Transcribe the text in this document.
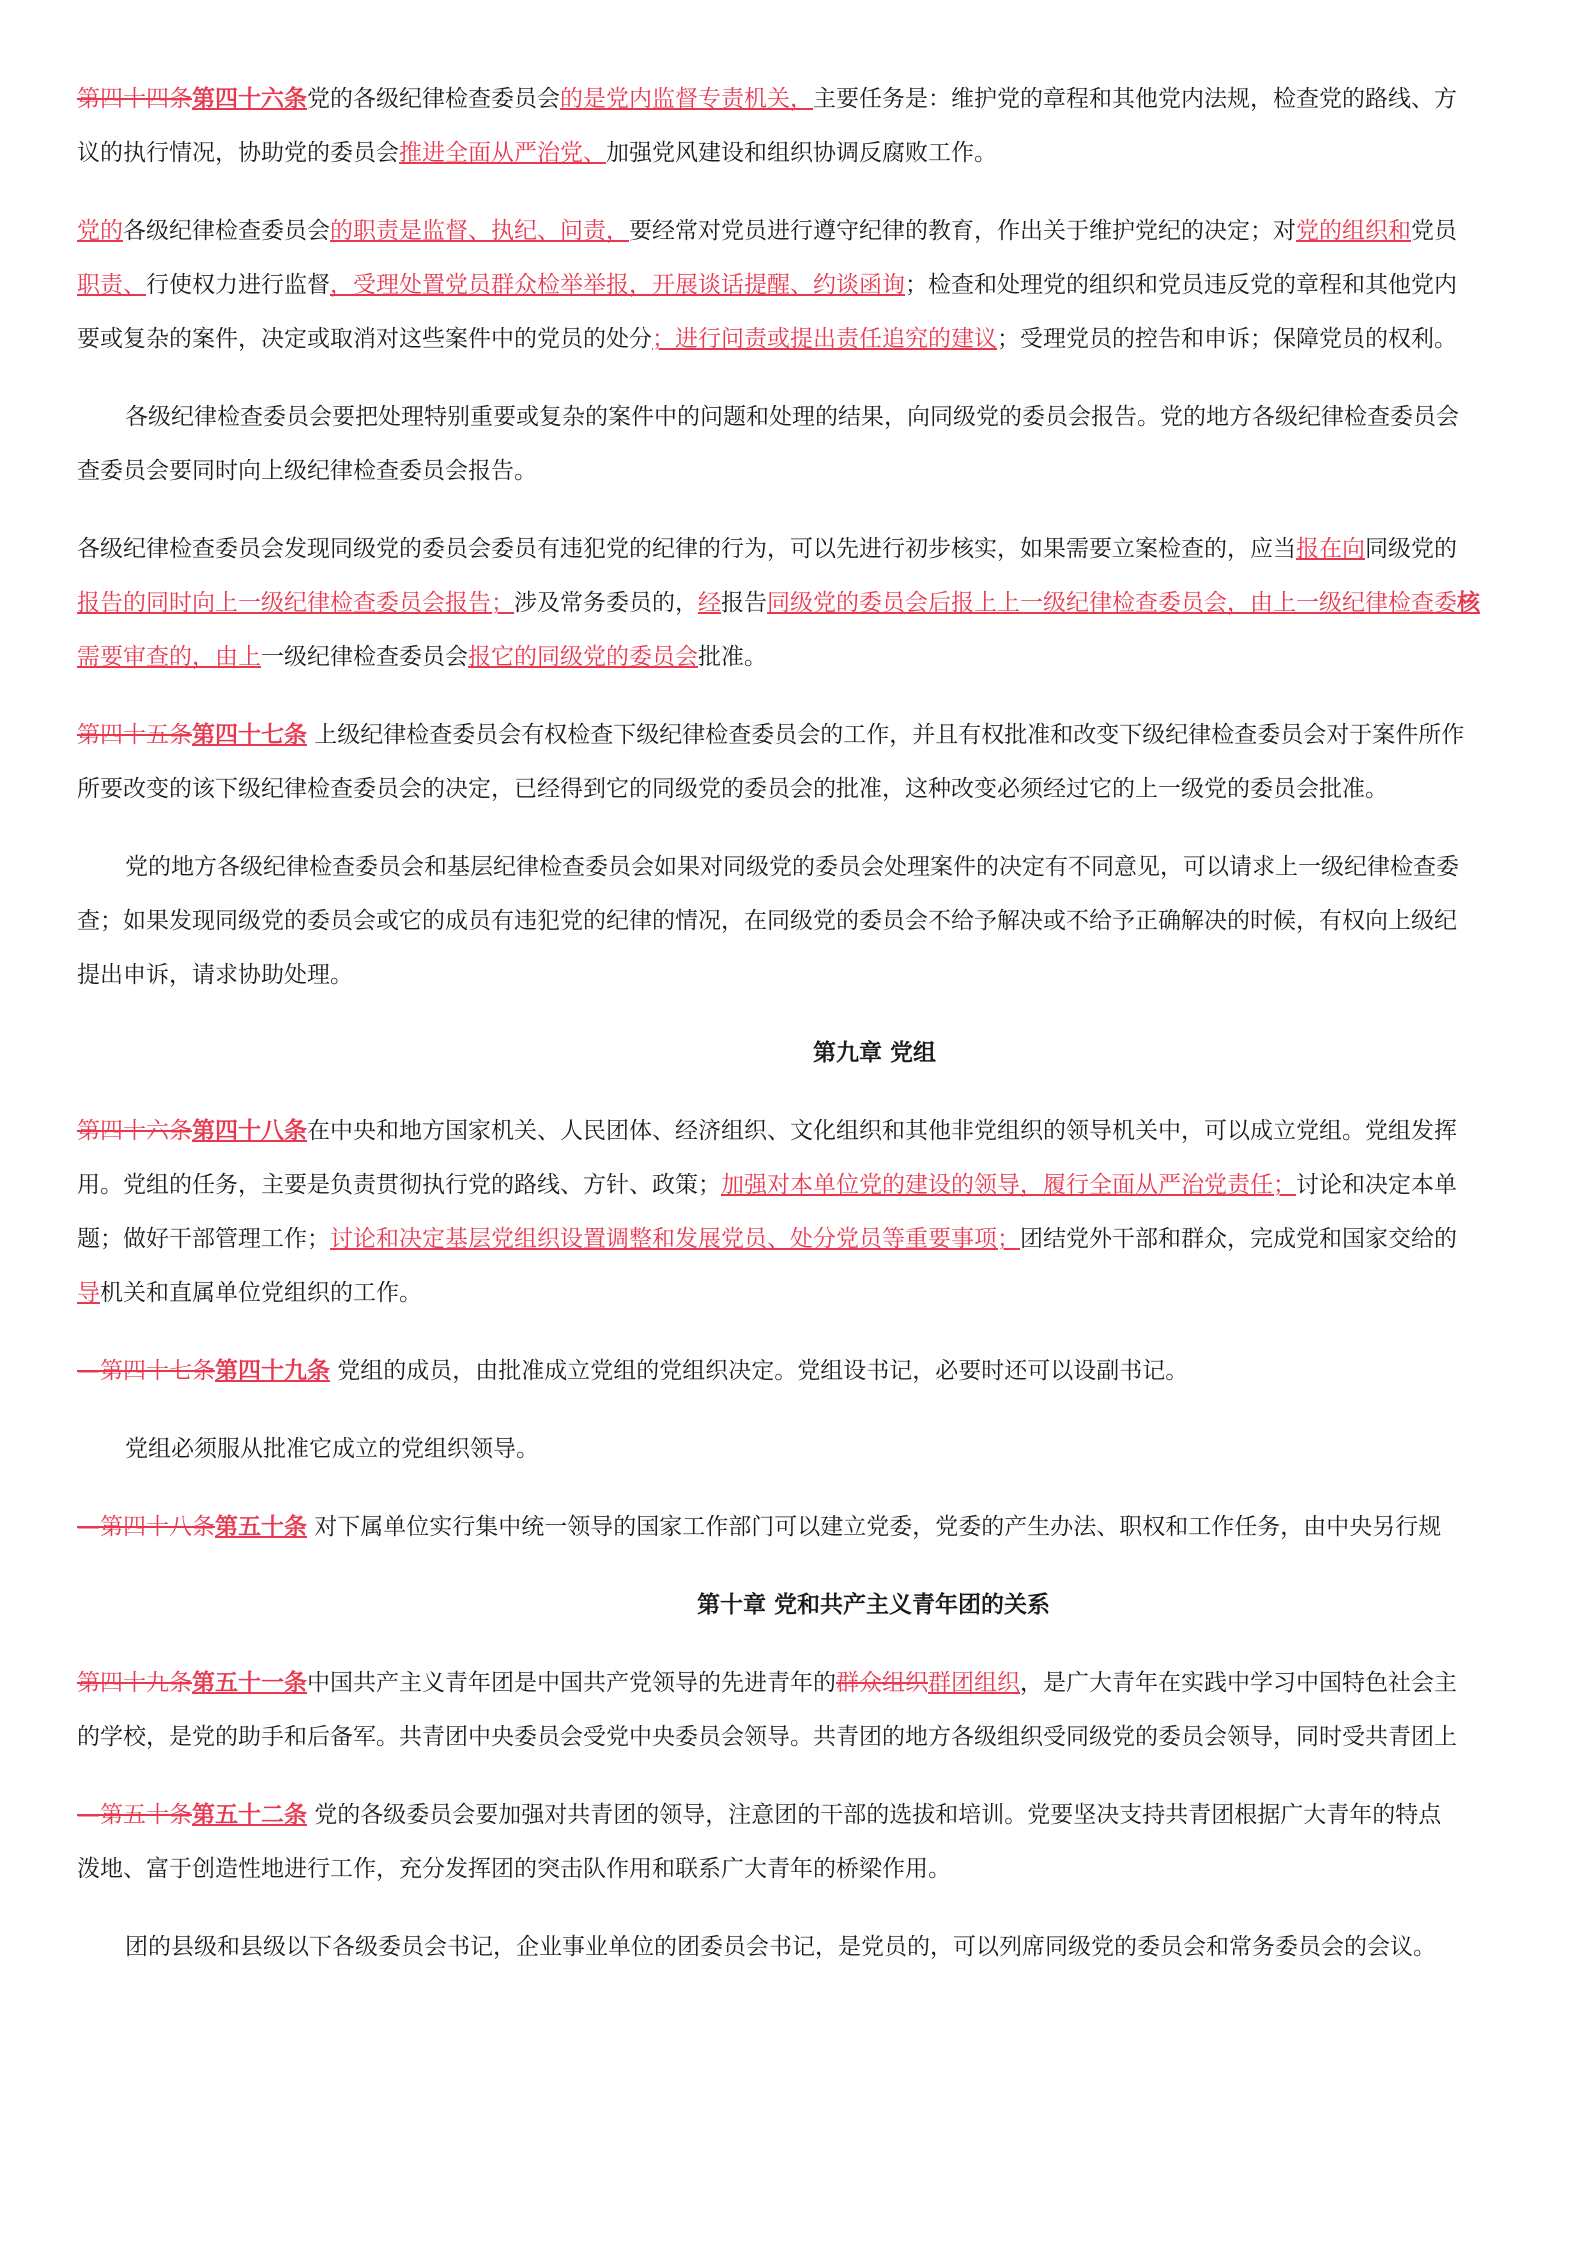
第四十四条第四十六条党的各级纪律检查委员会的是党内监督专责机关，主要任务是：维护党的章程和其他党内法规，检查党的路线、方
议的执行情况，协助党的委员会推进全面从严治党、加强党风建设和组织协调反腐败工作。
党的各级纪律检查委员会的职责是监督、执纪、问责，要经常对党员进行遵守纪律的教育，作出关于维护党纪的决定；对党的组织和党员
职责、行使权力进行监督，受理处置党员群众检举举报，开展谈话提醒、约谈函询；检查和处理党的组织和党员违反党的章程和其他党内
要或复杂的案件，决定或取消对这些案件中的党员的处分；进行问责或提出责任追究的建议；受理党员的控告和申诉；保障党员的权利。
各级纪律检查委员会要把处理特别重要或复杂的案件中的问题和处理的结果，向同级党的委员会报告。党的地方各级纪律检查委员会
查委员会要同时向上级纪律检查委员会报告。
各级纪律检查委员会发现同级党的委员会委员有违犯党的纪律的行为，可以先进行初步核实，如果需要立案检查的，应当报在向同级党的
报告的同时向上一级纪律检查委员会报告；涉及常务委员的，经报告同级党的委员会后报上上一级纪律检查委员会，由上一级纪律检查委核
需要审查的，由上一级纪律检查委员会报它的同级党的委员会批准。
第四十五条第四十七条 上级纪律检查委员会有权检查下级纪律检查委员会的工作，并且有权批准和改变下级纪律检查委员会对于案件所作
所要改变的该下级纪律检查委员会的决定，已经得到它的同级党的委员会的批准，这种改变必须经过它的上一级党的委员会批准。
党的地方各级纪律检查委员会和基层纪律检查委员会如果对同级党的委员会处理案件的决定有不同意见，可以请求上一级纪律检查委
查；如果发现同级党的委员会或它的成员有违犯党的纪律的情况，在同级党的委员会不给予解决或不给予正确解决的时候，有权向上级纪
提出申诉，请求协助处理。
第九章 党组
第四十六条第四十八条在中央和地方国家机关、人民团体、经济组织、文化组织和其他非党组织的领导机关中，可以成立党组。党组发挥
用。党组的任务，主要是负责贯彻执行党的路线、方针、政策；加强对本单位党的建设的领导，履行全面从严治党责任；讨论和决定本单
题；做好干部管理工作；讨论和决定基层党组织设置调整和发展党员、处分党员等重要事项；团结党外干部和群众，完成党和国家交给的
导机关和直属单位党组织的工作。
—第四十七条第四十九条 党组的成员，由批准成立党组的党组织决定。党组设书记，必要时还可以设副书记。
党组必须服从批准它成立的党组织领导。
—第四十八条第五十条 对下属单位实行集中统一领导的国家工作部门可以建立党委，党委的产生办法、职权和工作任务，由中央另行规
第十章 党和共产主义青年团的关系
第四十九条第五十一条中国共产主义青年团是中国共产党领导的先进青年的群众组织群团组织，是广大青年在实践中学习中国特色社会主
的学校，是党的助手和后备军。共青团中央委员会受党中央委员会领导。共青团的地方各级组织受同级党的委员会领导，同时受共青团上
—第五十条第五十二条 党的各级委员会要加强对共青团的领导，注意团的干部的选拔和培训。党要坚决支持共青团根据广大青年的特点
泼地、富于创造性地进行工作，充分发挥团的突击队作用和联系广大青年的桥梁作用。
团的县级和县级以下各级委员会书记，企业事业单位的团委员会书记，是党员的，可以列席同级党的委员会和常务委员会的会议。
